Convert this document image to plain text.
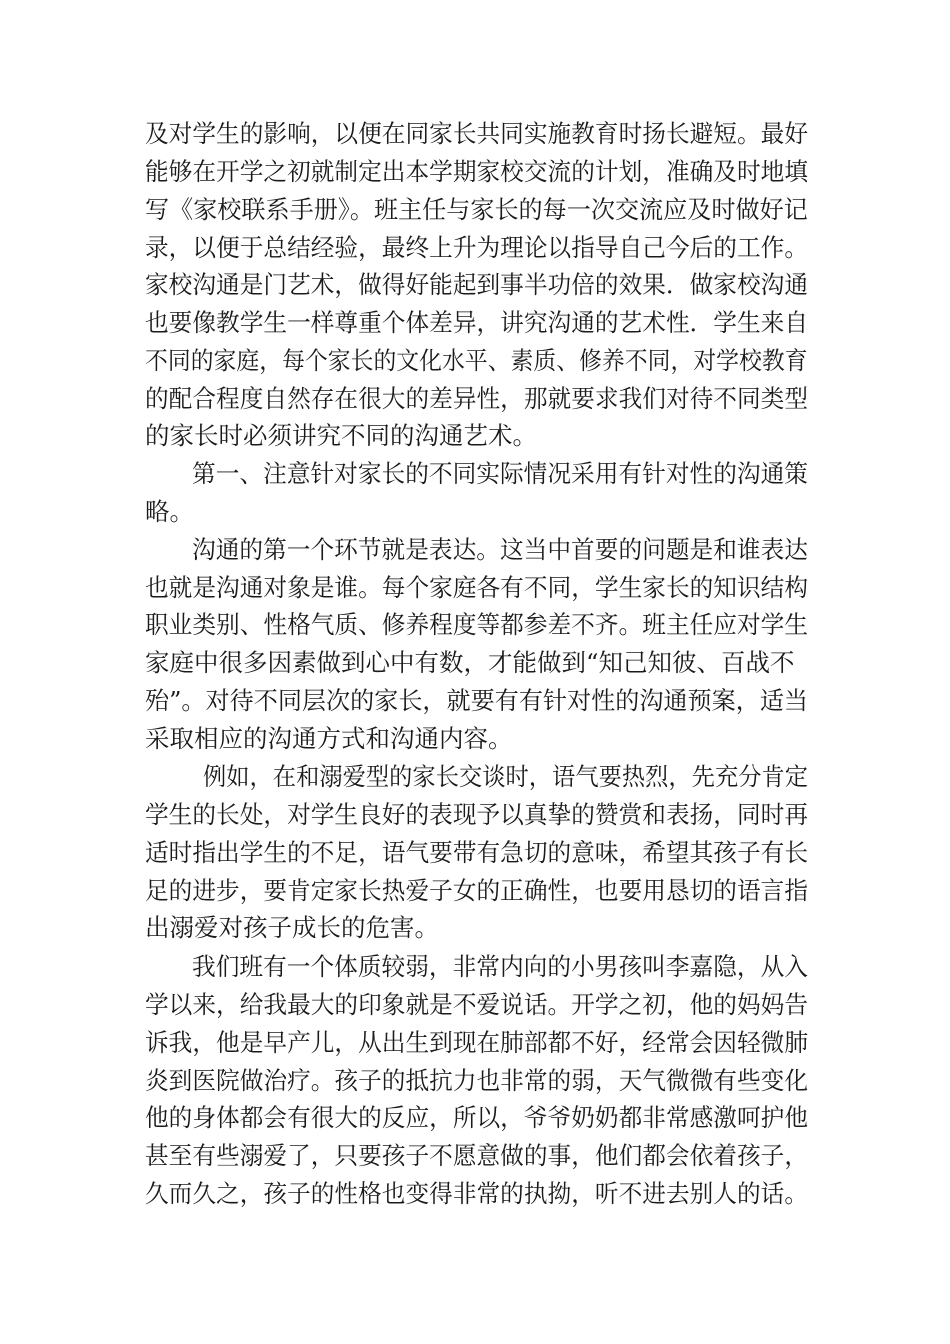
及对学生的影响，以便在同家长共同实施教育时扬长避短。最好
能够在开学之初就制定出本学期家校交流的计划，准确及时地填
写《家校联系手册》。班主任与家长的每一次交流应及时做好记
录，以便于总结经验，最终上升为理论以指导自己今后的工作。
家校沟通是门艺术，做得好能起到事半功倍的效果．做家校沟通
也要像教学生一样尊重个体差异，讲究沟通的艺术性．学生来自
不同的家庭，每个家长的文化水平、素质、修养不同，对学校教育
的配合程度自然存在很大的差异性，那就要求我们对待不同类型
的家长时必须讲究不同的沟通艺术。
第一、注意针对家长的不同实际情况采用有针对性的沟通策
略。
沟通的第一个环节就是表达。这当中首要的问题是和谁表达
也就是沟通对象是谁。每个家庭各有不同，学生家长的知识结构
职业类别、性格气质、修养程度等都参差不齐。班主任应对学生
家庭中很多因素做到心中有数，才能做到“知己知彼、百战不
殆”。对待不同层次的家长，就要有有针对性的沟通预案，适当
采取相应的沟通方式和沟通内容。
例如，在和溺爱型的家长交谈时，语气要热烈，先充分肯定
学生的长处，对学生良好的表现予以真挚的赞赏和表扬，同时再
适时指出学生的不足，语气要带有急切的意味，希望其孩子有长
足的进步，要肯定家长热爱子女的正确性，也要用恳切的语言指
出溺爱对孩子成长的危害。
我们班有一个体质较弱，非常内向的小男孩叫李嘉隐，从入
学以来，给我最大的印象就是不爱说话。开学之初，他的妈妈告
诉我，他是早产儿，从出生到现在肺部都不好，经常会因轻微肺
炎到医院做治疗。孩子的抵抗力也非常的弱，天气微微有些变化
他的身体都会有很大的反应，所以，爷爷奶奶都非常感激呵护他
甚至有些溺爱了，只要孩子不愿意做的事，他们都会依着孩子，
久而久之，孩子的性格也变得非常的执拗，听不进去别人的话。
